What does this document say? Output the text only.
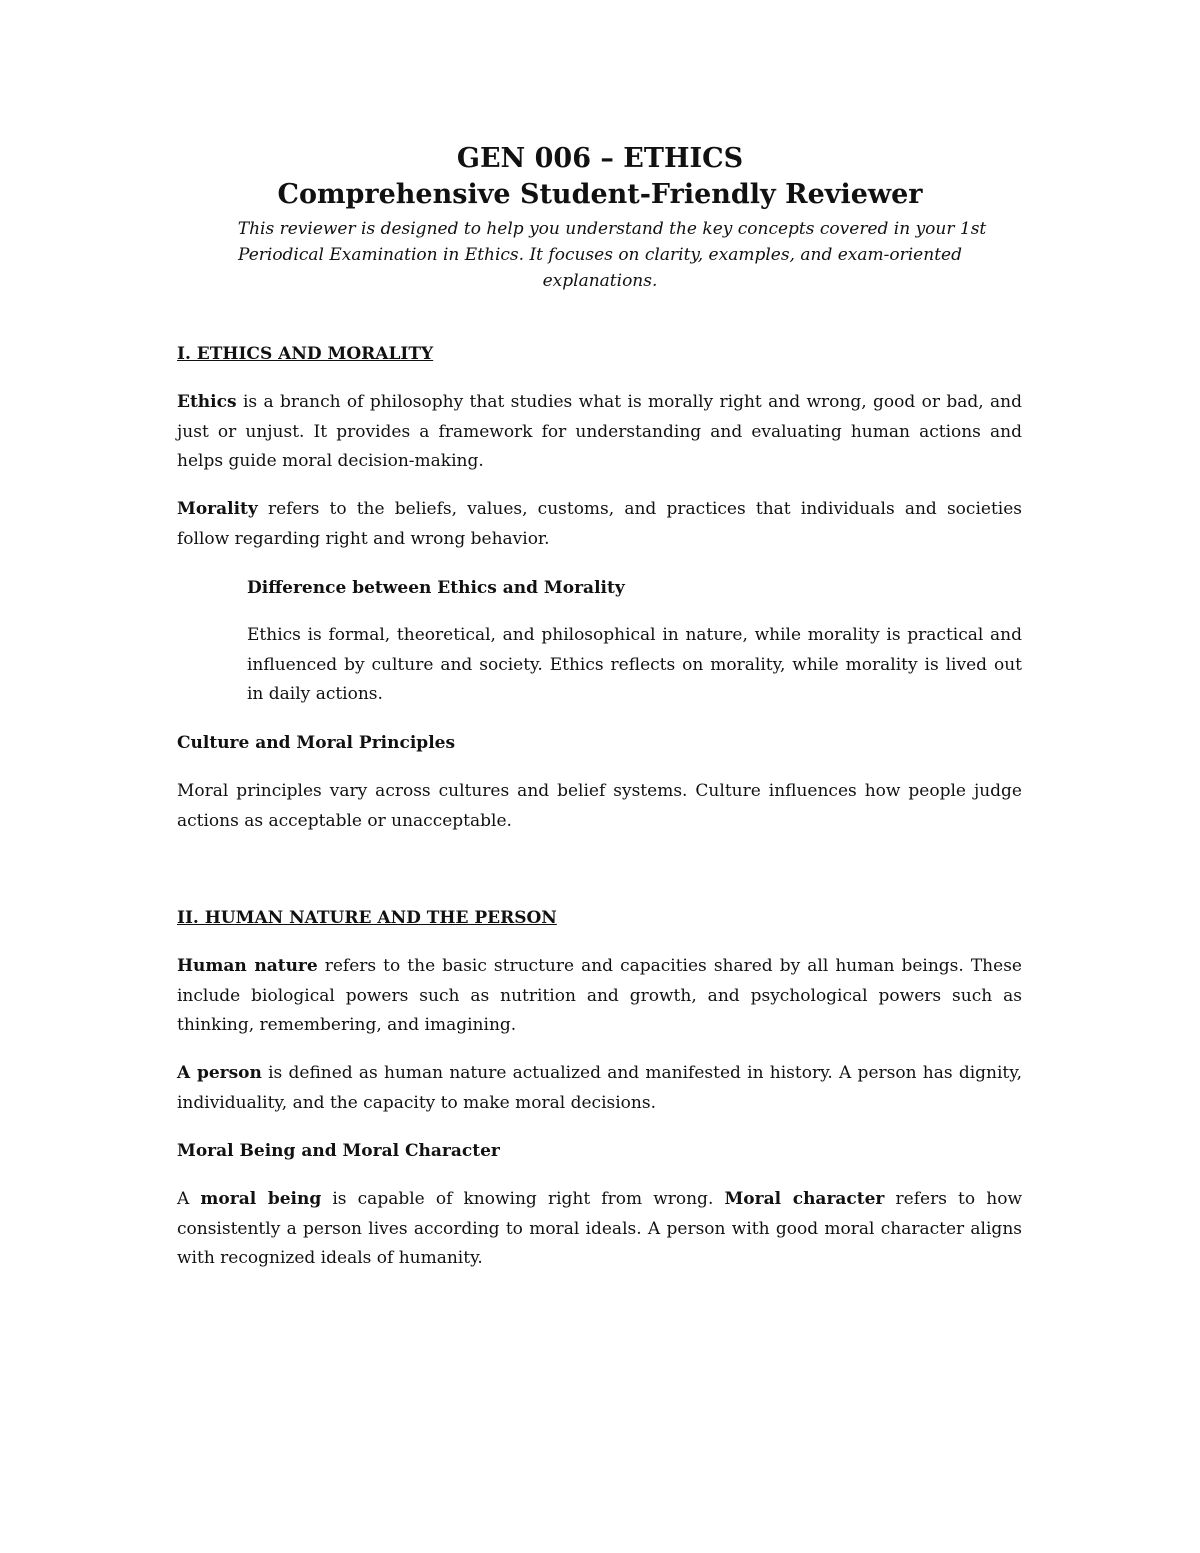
GEN 006 – ETHICS
Comprehensive Student-Friendly Reviewer

This reviewer is designed to help you understand the key concepts covered in your 1st Periodical Examination in Ethics. It focuses on clarity, examples, and exam-oriented explanations.

I. ETHICS AND MORALITY

Ethics is a branch of philosophy that studies what is morally right and wrong, good or bad, and just or unjust. It provides a framework for understanding and evaluating human actions and helps guide moral decision-making.

Morality refers to the beliefs, values, customs, and practices that individuals and societies follow regarding right and wrong behavior.

Difference between Ethics and Morality

Ethics is formal, theoretical, and philosophical in nature, while morality is practical and influenced by culture and society. Ethics reflects on morality, while morality is lived out in daily actions.

Culture and Moral Principles

Moral principles vary across cultures and belief systems. Culture influences how people judge actions as acceptable or unacceptable.

II. HUMAN NATURE AND THE PERSON

Human nature refers to the basic structure and capacities shared by all human beings. These include biological powers such as nutrition and growth, and psychological powers such as thinking, remembering, and imagining.

A person is defined as human nature actualized and manifested in history. A person has dignity, individuality, and the capacity to make moral decisions.

Moral Being and Moral Character

A moral being is capable of knowing right from wrong. Moral character refers to how consistently a person lives according to moral ideals. A person with good moral character aligns with recognized ideals of humanity.
